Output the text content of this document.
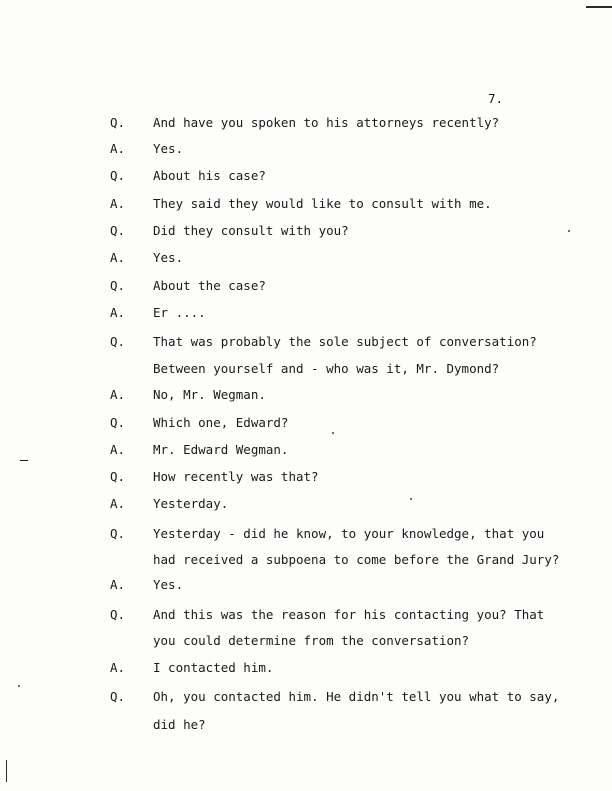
7.
Q. And have you spoken to his attorneys recently?
A. Yes.
Q. About his case?
A. They said they would like to consult with me.
Q. Did they consult with you?
A. Yes.
Q. About the case?
A. Er ....
Q. That was probably the sole subject of conversation?
Between yourself and - who was it, Mr. Dymond?
A. No, Mr. Wegman.
Q. Which one, Edward?
A. Mr. Edward Wegman.
Q. How recently was that?
A. Yesterday.
Q. Yesterday - did he know, to your knowledge, that you
had received a subpoena to come before the Grand Jury?
A. Yes.
Q. And this was the reason for his contacting you? That
you could determine from the conversation?
A. I contacted him.
Q. Oh, you contacted him. He didn't tell you what to say,
did he?
